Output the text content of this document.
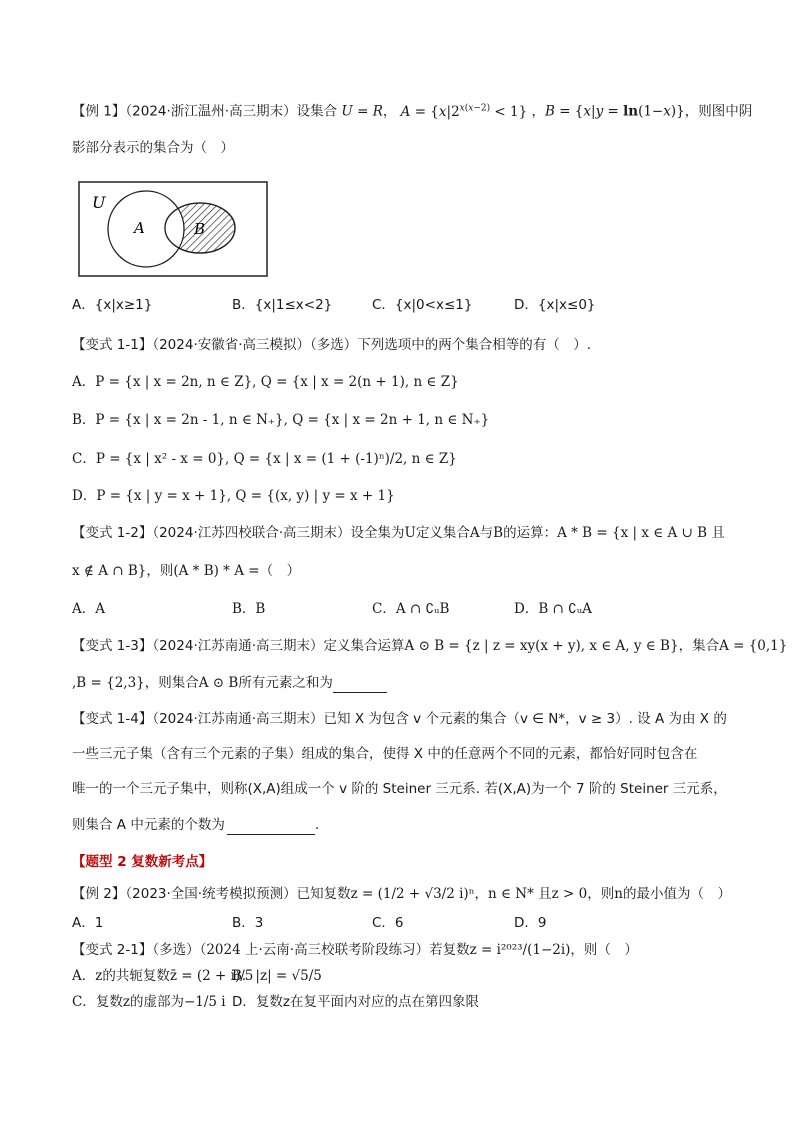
【例 1】（2024·浙江温州·高三期末）设集合 U = R， $A = \{x|2^{x(x-2)} < 1\}$ ，B = {x|y = ln(1−x)}，则图中阴
影部分表示的集合为（　）
U
A	B
A．{x|x≥1}	B．{x|1≤x<2}	C．{x|0<x≤1}	D．{x|x≤0}
【变式 1-1】（2024·安徽省·高三模拟）（多选）下列选项中的两个集合相等的有（　）.
A．P = {x | x = 2n, n ∈ Z}, Q = {x | x = 2(n + 1), n ∈ Z}
B．P = {x | x = 2n - 1, n ∈ N₊}, Q = {x | x = 2n + 1, n ∈ N₊}
C．P = {x | x² - x = 0}, Q = {x | x = (1 + (-1)ⁿ)/2, n ∈ Z}
D．P = {x | y = x + 1}, Q = {(x, y) | y = x + 1}
【变式 1-2】（2024·江苏四校联合·高三期末）设全集为U定义集合A与B的运算：A * B = {x | x ∈ A ∪ B 且
x ∉ A ∩ B}，则(A * B) * A =（　）
A．A	B．B	C．A ∩ ∁ᵤB	D．B ∩ ∁ᵤA
【变式 1-3】（2024·江苏南通·高三期末）定义集合运算A ⊙ B = {z | z = xy(x + y), x ∈ A, y ∈ B}，集合A = {0,1}
,B = {2,3}，则集合A ⊙ B所有元素之和为
【变式 1-4】（2024·江苏南通·高三期末）已知 X 为包含 v 个元素的集合（v ∈ N*，v ≥ 3）. 设 A 为由 X 的
一些三元子集（含有三个元素的子集）组成的集合，使得 X 中的任意两个不同的元素，都恰好同时包含在
唯一的一个三元子集中，则称(X,A)组成一个 v 阶的 Steiner 三元系. 若(X,A)为一个 7 阶的 Steiner 三元系，
则集合 A 中元素的个数为	.
【题型 2 复数新考点】
【例 2】（2023·全国·统考模拟预测）已知复数z = (1/2 + √3/2 i)ⁿ，n ∈ N* 且z > 0，则n的最小值为（　）
A．1	B．3	C．6	D．9
【变式 2-1】（多选）（2024 上·云南·高三校联考阶段练习）若复数z = i²⁰²³/(1−2i)，则（　）
A．z的共轭复数z̄ = (2 + i)/5
B．|z| = √5/5
C．复数z的虚部为−1/5 i D．复数z在复平面内对应的点在第四象限
